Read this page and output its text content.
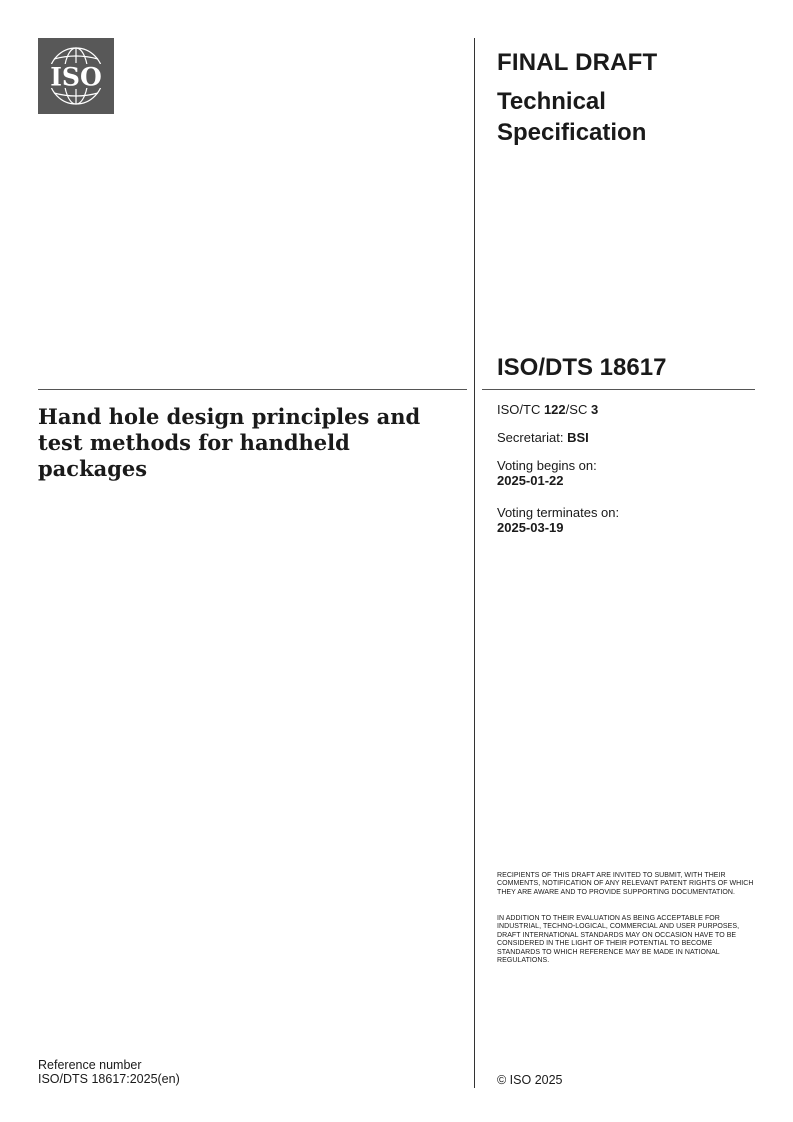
ISO	FINAL DRAFT
Technical Specification
ISO/DTS 18617
Hand hole design principles and test methods for handheld packages
ISO/TC 122/SC 3
Secretariat: BSI
Voting begins on:
2025-01-22
Voting terminates on:
2025-03-19
RECIPIENTS OF THIS DRAFT ARE INVITED TO SUBMIT, WITH THEIR COMMENTS, NOTIFICATION OF ANY RELEVANT PATENT RIGHTS OF WHICH THEY ARE AWARE AND TO PROVIDE SUPPORTING DOCUMENTATION.
IN ADDITION TO THEIR EVALUATION AS BEING ACCEPTABLE FOR INDUSTRIAL, TECHNO-LOGICAL, COMMERCIAL AND USER PURPOSES, DRAFT INTERNATIONAL STANDARDS MAY ON OCCASION HAVE TO BE CONSIDERED IN THE LIGHT OF THEIR POTENTIAL TO BECOME STANDARDS TO WHICH REFERENCE MAY BE MADE IN NATIONAL REGULATIONS.
Reference number
ISO/DTS 18617:2025(en)	© ISO 2025
